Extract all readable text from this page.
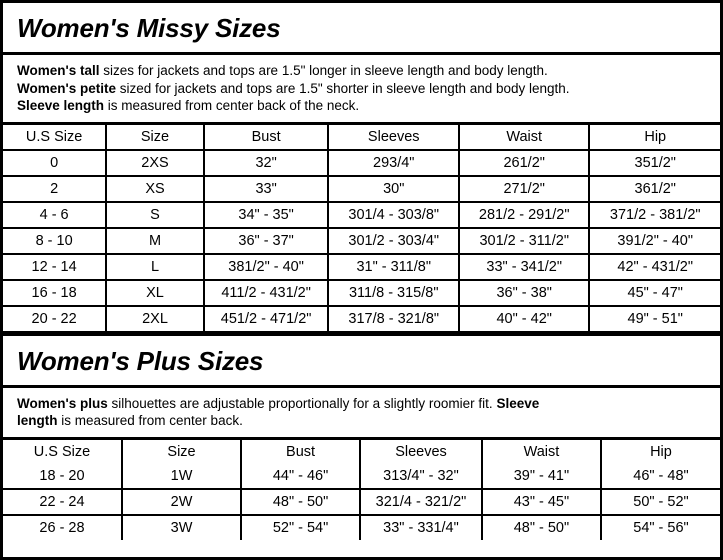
Women's Missy Sizes
Women's tall sizes for jackets and tops are 1.5" longer in sleeve length and body length.
Women's petite sized for jackets and tops are 1.5" shorter in sleeve length and body length.
Sleeve length is measured from center back of the neck.
U.S Size	Size	Bust	Sleeves	Waist	Hip
0	2XS	32"	293/4"	261/2"	351/2"
2	XS	33"	30"	271/2"	361/2"
4 - 6	S	34" - 35"	301/4 - 303/8"	281/2 - 291/2"	371/2 - 381/2"
8 - 10	M	36" - 37"	301/2 - 303/4"	301/2 - 311/2"	391/2" - 40"
12 - 14	L	381/2" - 40"	31" - 311/8"	33" - 341/2"	42" - 431/2"
16 - 18	XL	411/2 - 431/2"	311/8 - 315/8"	36" - 38"	45" - 47"
20 - 22	2XL	451/2 - 471/2"	317/8 - 321/8"	40" - 42"	49" - 51"
Women's Plus Sizes
Women's plus silhouettes are adjustable proportionally for a slightly roomier fit. Sleeve
length is measured from center back.
U.S Size	Size	Bust	Sleeves	Waist	Hip
18 - 20	1W	44" - 46"	313/4" - 32"	39" - 41"	46" - 48"
22 - 24	2W	48" - 50"	321/4 - 321/2"	43" - 45"	50" - 52"
26 - 28	3W	52" - 54"	33" - 331/4"	48" - 50"	54" - 56"
